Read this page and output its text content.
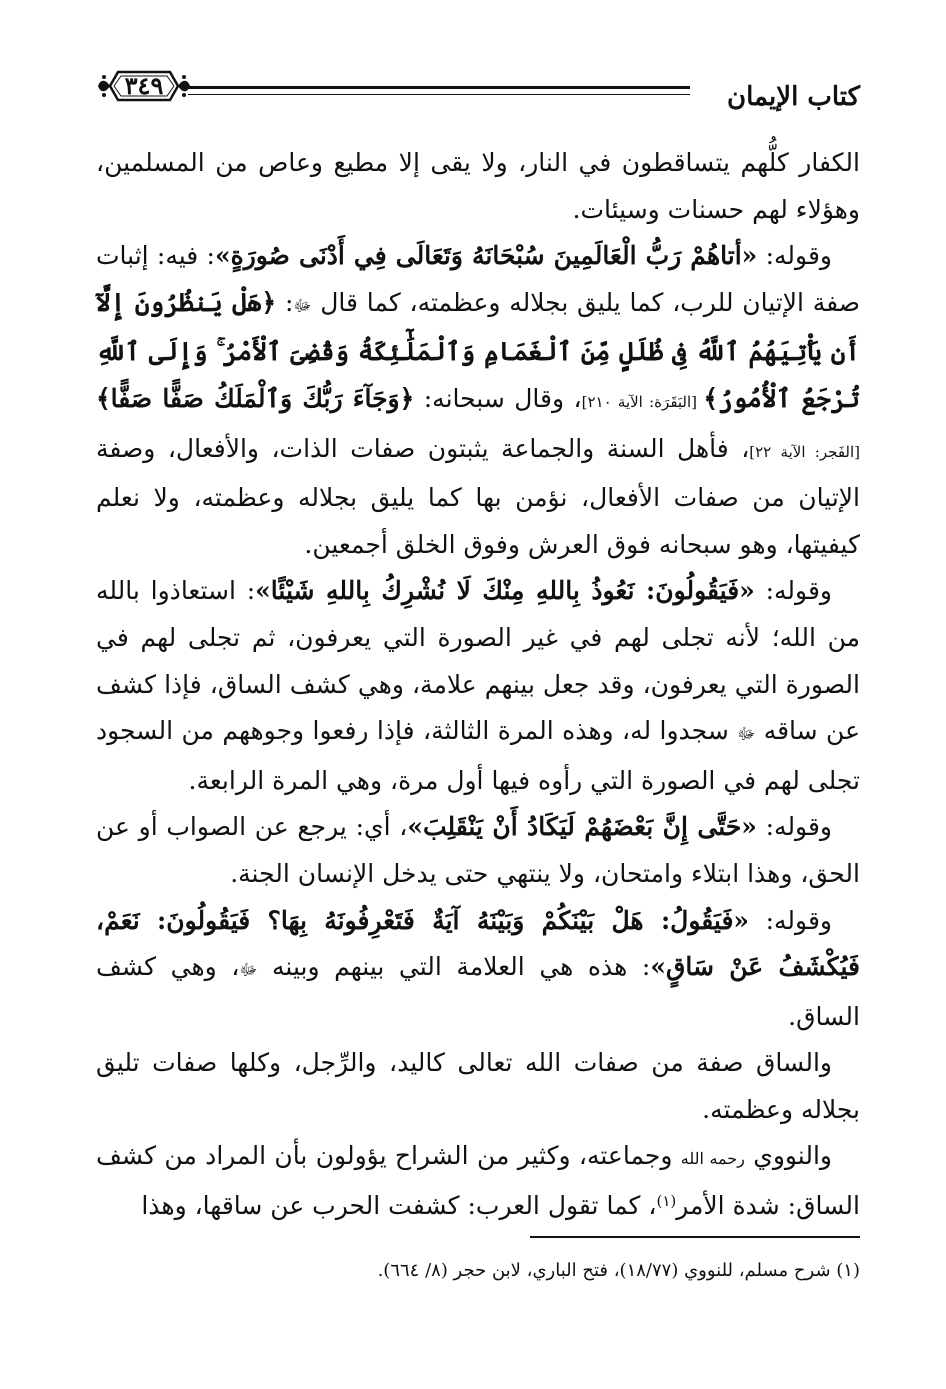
كتاب الإيمان
٣٤٩

الكفار كلُّهم يتساقطون في النار، ولا يقى إلا مطيع وعاص من المسلمين، وهؤلاء لهم حسنات وسيئات.

وقوله: «أتاهُمْ رَبُّ الْعَالَمِينَ سُبْحَانَهُ وَتَعَالَى فِي أَدْنَى صُورَةٍ»: فيه: إثبات صفة الإتيان للرب، كما يليق بجلاله وعظمته، كما قال ﷻ: ﴿هَلْ يَنظُرُونَ إِلَّآ أَن يَأْتِيَهُمُ ٱللَّهُ فِى ظُلَلٍ مِّنَ ٱلْغَمَامِ وَٱلْمَلَٰٓئِكَةُ وَقُضِىَ ٱلْأَمْرُ ۚ وَإِلَى ٱللَّهِ تُرْجَعُ ٱلْأُمُورُ﴾ [البَقَرَة: الآية ٢١٠]، وقال سبحانه: ﴿وَجَآءَ رَبُّكَ وَٱلْمَلَكُ صَفًّا صَفًّا﴾ [الفَجر: الآية ٢٢]، فأهل السنة والجماعة يثبتون صفات الذات، والأفعال، وصفة الإتيان من صفات الأفعال، نؤمن بها كما يليق بجلاله وعظمته، ولا نعلم كيفيتها، وهو سبحانه فوق العرش وفوق الخلق أجمعين.

وقوله: «فَيَقُولُونَ: نَعُوذُ بِاللهِ مِنْكَ لَا نُشْرِكُ بِاللهِ شَيْئًا»: استعاذوا بالله من الله؛ لأنه تجلى لهم في غير الصورة التي يعرفون، ثم تجلى لهم في الصورة التي يعرفون، وقد جعل بينهم علامة، وهي كشف الساق، فإذا كشف عن ساقه ﷻ سجدوا له، وهذه المرة الثالثة، فإذا رفعوا وجوههم من السجود تجلى لهم في الصورة التي رأوه فيها أول مرة، وهي المرة الرابعة.

وقوله: «حَتَّى إِنَّ بَعْضَهُمْ لَيَكَادُ أَنْ يَنْقَلِبَ»، أي: يرجع عن الصواب أو عن الحق، وهذا ابتلاء وامتحان، ولا ينتهي حتى يدخل الإنسان الجنة.

وقوله: «فَيَقُولُ: هَلْ بَيْنَكُمْ وَبَيْنَهُ آيَةٌ فَتَعْرِفُونَهُ بِهَا؟ فَيَقُولُونَ: نَعَمْ، فَيُكْشَفُ عَنْ سَاقٍ»: هذه هي العلامة التي بينهم وبينه ﷻ، وهي كشف الساق.

والساق صفة من صفات الله تعالى كاليد، والرِّجل، وكلها صفات تليق بجلاله وعظمته.

والنووي رحمه الله وجماعته، وكثير من الشراح يؤولون بأن المراد من كشف الساق: شدة الأمر$^{(١)}$، كما تقول العرب: كشفت الحرب عن ساقها، وهذا

(١) شرح مسلم، للنووي (١٨/٧٧)، فتح الباري، لابن حجر (٨/ ٦٦٤).
